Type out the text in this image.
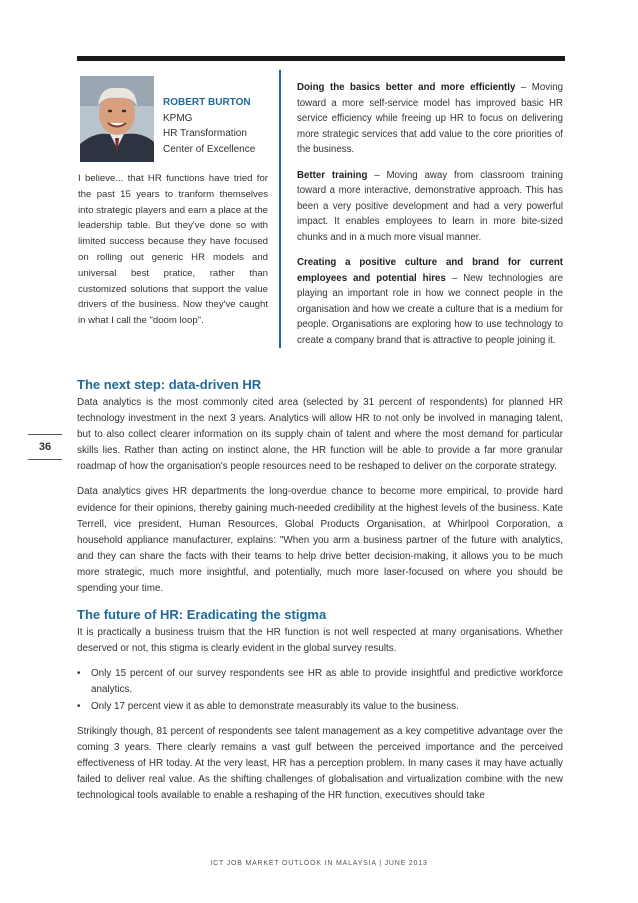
ROBERT BURTON
KPMG
HR Transformation
Center of Excellence
I believe... that HR functions have tried for the past 15 years to tranform themselves into strategic players and earn a place at the leadership table. But they've done so with limited success because they have focused on rolling out generic HR models and universal best pratice, rather than customized solutions that support the value drivers of the business. Now they've caught in what I call the "doom loop".

Doing the basics better and more efficiently – Moving toward a more self-service model has improved basic HR service efficiency while freeing up HR to focus on delivering more strategic services that add value to the core priorities of the business.

Better training – Moving away from classroom training toward a more interactive, demonstrative approach. This has been a very positive development and had a very powerful impact. It enables employees to learn in more bite-sized chunks and in a much more visual manner.

Creating a positive culture and brand for current employees and potential hires – New technologies are playing an important role in how we connect people in the organisation and how we create a culture that is a medium for people. Organisations are exploring how to use technology to create a company brand that is attractive to people joining it.

36
The next step: data-driven HR

Data analytics is the most commonly cited area (selected by 31 percent of respondents) for planned HR technology investment in the next 3 years. Analytics will allow HR to not only be involved in managing talent, but to also collect clearer information on its supply chain of talent and where the most demand for particular skills lies. Rather than acting on instinct alone, the HR function will be able to provide a far more granular roadmap of how the organisation's people resources need to be reshaped to deliver on the corporate strategy.

Data analytics gives HR departments the long-overdue chance to become more empirical, to provide hard evidence for their opinions, thereby gaining much-needed credibility at the highest levels of the business. Kate Terrell, vice president, Human Resources, Global Products Organisation, at Whirlpool Corporation, a household appliance manufacturer, explains: "When you arm a business partner of the future with analytics, and they can share the facts with their teams to help drive better decision-making, it allows you to be much more strategic, much more insightful, and potentially, much more laser-focused on where you should be spending your time.

The future of HR: Eradicating the stigma

It is practically a business truism that the HR function is not well respected at many organisations. Whether deserved or not, this stigma is clearly evident in the global survey results.

• Only 15 percent of our survey respondents see HR as able to provide insightful and predictive workforce analytics.
• Only 17 percent view it as able to demonstrate measurably its value to the business.

Strikingly though, 81 percent of respondents see talent management as a key competitive advantage over the coming 3 years. There clearly remains a vast gulf between the perceived importance and the perceived effectiveness of HR today. At the very least, HR has a perception problem. In many cases it may have actually failed to deliver real value. As the shifting challenges of globalisation and virtualization combine with the new technological tools available to enable a reshaping of the HR function, executives should take

ICT JOB MARKET OUTLOOK IN MALAYSIA | JUNE 2013
